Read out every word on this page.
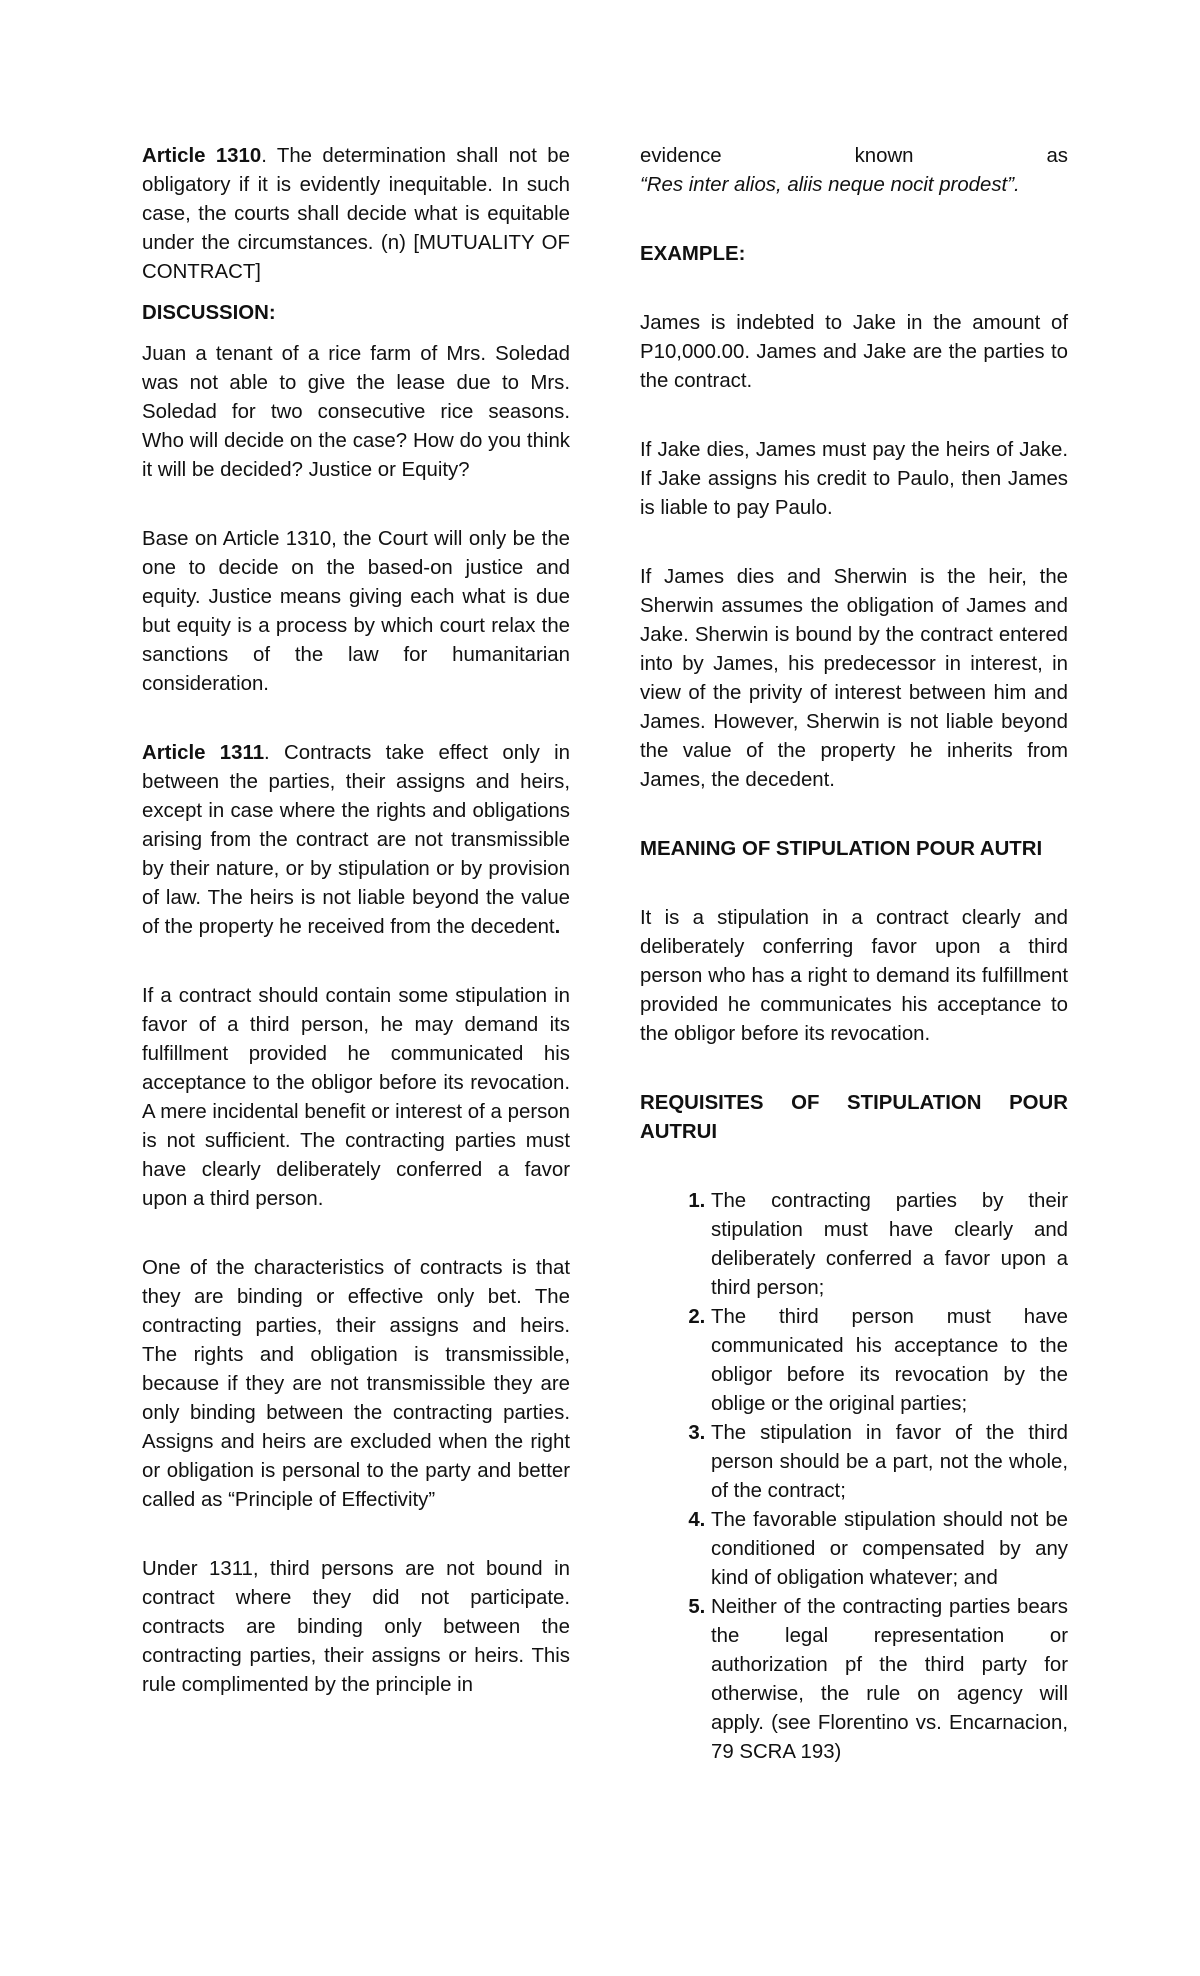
Article 1310. The determination shall not be obligatory if it is evidently inequitable. In such case, the courts shall decide what is equitable under the circumstances. (n) [MUTUALITY OF CONTRACT]

DISCUSSION:

Juan a tenant of a rice farm of Mrs. Soledad was not able to give the lease due to Mrs. Soledad for two consecutive rice seasons. Who will decide on the case? How do you think it will be decided? Justice or Equity?

Base on Article 1310, the Court will only be the one to decide on the based-on justice and equity. Justice means giving each what is due but equity is a process by which court relax the sanctions of the law for humanitarian consideration.

Article 1311. Contracts take effect only in between the parties, their assigns and heirs, except in case where the rights and obligations arising from the contract are not transmissible by their nature, or by stipulation or by provision of law. The heirs is not liable beyond the value of the property he received from the decedent.

If a contract should contain some stipulation in favor of a third person, he may demand its fulfillment provided he communicated his acceptance to the obligor before its revocation. A mere incidental benefit or interest of a person is not sufficient. The contracting parties must have clearly deliberately conferred a favor upon a third person.

One of the characteristics of contracts is that they are binding or effective only bet. The contracting parties, their assigns and heirs. The rights and obligation is transmissible, because if they are not transmissible they are only binding between the contracting parties. Assigns and heirs are excluded when the right or obligation is personal to the party and better called as “Principle of Effectivity”

Under 1311, third persons are not bound in contract where they did not participate. contracts are binding only between the contracting parties, their assigns or heirs. This rule complimented by the principle in

evidence known as

“Res inter alios, aliis neque nocit prodest”.

EXAMPLE:

James is indebted to Jake in the amount of P10,000.00. James and Jake are the parties to the contract.

If Jake dies, James must pay the heirs of Jake. If Jake assigns his credit to Paulo, then James is liable to pay Paulo.

If James dies and Sherwin is the heir, the Sherwin assumes the obligation of James and Jake. Sherwin is bound by the contract entered into by James, his predecessor in interest, in view of the privity of interest between him and James. However, Sherwin is not liable beyond the value of the property he inherits from James, the decedent.

MEANING OF STIPULATION POUR AUTRI

It is a stipulation in a contract clearly and deliberately conferring favor upon a third person who has a right to demand its fulfillment provided he communicates his acceptance to the obligor before its revocation.

REQUISITES OF STIPULATION POUR AUTRUI

1. The contracting parties by their stipulation must have clearly and deliberately conferred a favor upon a third person;
2. The third person must have communicated his acceptance to the obligor before its revocation by the oblige or the original parties;
3. The stipulation in favor of the third person should be a part, not the whole, of the contract;
4. The favorable stipulation should not be conditioned or compensated by any kind of obligation whatever; and
5. Neither of the contracting parties bears the legal representation or authorization pf the third party for otherwise, the rule on agency will apply. (see Florentino vs. Encarnacion, 79 SCRA 193)
